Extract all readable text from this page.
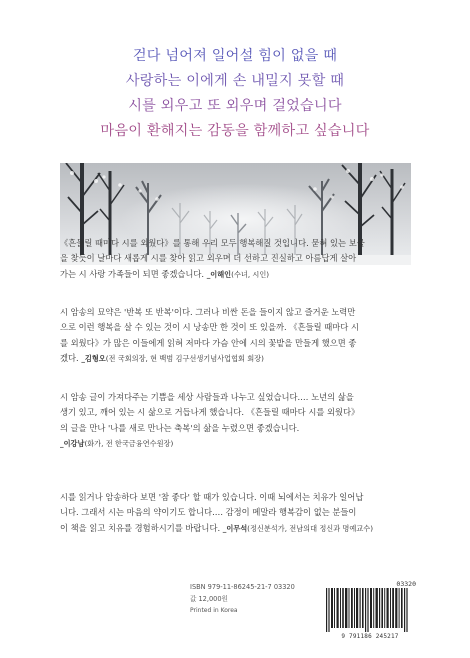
걷다 넘어져 일어설 힘이 없을 때
사랑하는 이에게 손 내밀지 못할 때
시를 외우고 또 외우며 걸었습니다
마음이 환해지는 감동을 함께하고 싶습니다
《흔들릴 때마다 시를 외웠다》를 통해 우리 모두 행복해질 것입니다. 묻혀 있는 보물
을 찾듯이 날마다 새롭게 시를 찾아 읽고 외우며 더 선하고 진실하고 아름답게 살아
가는 시 사랑 가족들이 되면 좋겠습니다. _이해인(수녀, 시인)
시 암송의 묘약은 '반복 또 반복'이다. 그러나 비싼 돈을 들이지 않고 즐거운 노력만
으로 이런 행복을 살 수 있는 것이 시 낭송만 한 것이 또 있을까. 《흔들릴 때마다 시
를 외웠다》가 많은 이들에게 읽혀 저마다 가슴 안에 시의 꽃밭을 만들게 했으면 좋
겠다. _김형오(전 국회의장, 현 백범 김구선생기념사업협회 회장)
시 암송 글이 가져다주는 기쁨을 세상 사람들과 나누고 싶었습니다.… 노년의 삶을
생기 있고, 깨어 있는 시 삶으로 거듭나게 했습니다. 《흔들릴 때마다 시를 외웠다》
의 글을 만나 '나를 새로 만나는 축복'의 삶을 누렸으면 좋겠습니다.
_이강남(화가, 전 한국금융연수원장)
시를 읽거나 암송하다 보면 '참 좋다' 할 때가 있습니다. 이때 뇌에서는 치유가 일어납
니다. 그래서 시는 마음의 약이기도 합니다.… 감정이 메말라 행복감이 없는 분들이
이 책을 읽고 치유를 경험하시기를 바랍니다. _이무석(정신분석가, 전남의대 정신과 명예교수)
ISBN 979-11-86245-21-7 03320
값 12,000원
Printed in Korea
03320
9 791186 245217
